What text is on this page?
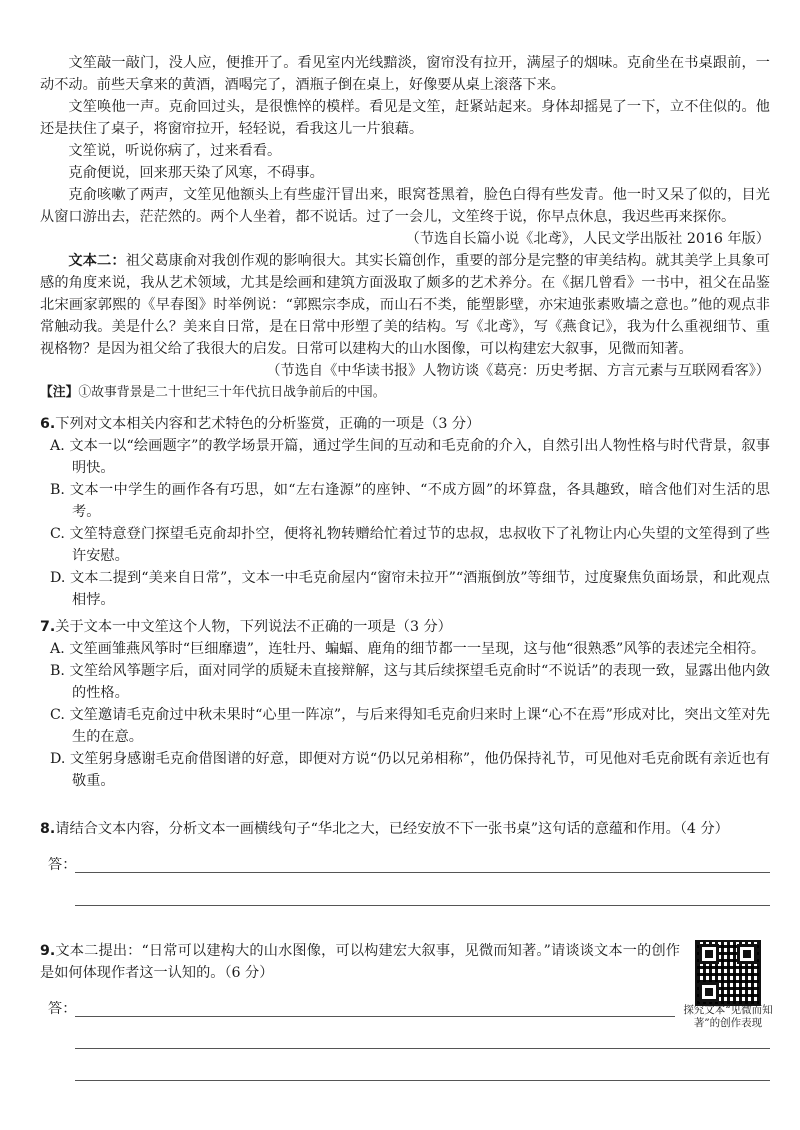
文笙敲一敲门，没人应，便推开了。看见室内光线黯淡，窗帘没有拉开，满屋子的烟味。克俞坐在书桌跟前，一动不动。前些天拿来的黄酒，酒喝完了，酒瓶子倒在桌上，好像要从桌上滚落下来。

文笙唤他一声。克俞回过头，是很憔悴的模样。看见是文笙，赶紧站起来。身体却摇晃了一下，立不住似的。他还是扶住了桌子，将窗帘拉开，轻轻说，看我这儿一片狼藉。

文笙说，听说你病了，过来看看。

克俞便说，回来那天染了风寒，不碍事。

克俞咳嗽了两声，文笙见他额头上有些虚汗冒出来，眼窝苍黑着，脸色白得有些发青。他一时又呆了似的，目光从窗口游出去，茫茫然的。两个人坐着，都不说话。过了一会儿，文笙终于说，你早点休息，我迟些再来探你。

（节选自长篇小说《北鸢》，人民文学出版社 2016 年版）

文本二：祖父葛康俞对我创作观的影响很大。其实长篇创作，重要的部分是完整的审美结构。就其美学上具象可感的角度来说，我从艺术领域，尤其是绘画和建筑方面汲取了颇多的艺术养分。在《据几曾看》一书中，祖父在品鉴北宋画家郭熙的《早春图》时举例说：“郭熙宗李成，而山石不类，能塑影壁，亦宋迪张素败墙之意也。”他的观点非常触动我。美是什么？美来自日常，是在日常中形塑了美的结构。写《北鸢》，写《燕食记》，我为什么重视细节、重视格物？是因为祖父给了我很大的启发。日常可以建构大的山水图像，可以构建宏大叙事，见微而知著。

（节选自《中华读书报》人物访谈《葛亮：历史考据、方言元素与互联网看客》）

【注】①故事背景是二十世纪三十年代抗日战争前后的中国。

6.下列对文本相关内容和艺术特色的分析鉴赏，正确的一项是（3 分）

A. 文本一以“绘画题字”的教学场景开篇，通过学生间的互动和毛克俞的介入，自然引出人物性格与时代背景，叙事明快。

B. 文本一中学生的画作各有巧思，如“左右逢源”的座钟、“不成方圆”的坏算盘，各具趣致，暗含他们对生活的思考。

C. 文笙特意登门探望毛克俞却扑空，便将礼物转赠给忙着过节的忠叔，忠叔收下了礼物让内心失望的文笙得到了些许安慰。

D. 文本二提到“美来自日常”，文本一中毛克俞屋内“窗帘未拉开”“酒瓶倒放”等细节，过度聚焦负面场景，和此观点相悖。

7.关于文本一中文笙这个人物，下列说法不正确的一项是（3 分）

A. 文笙画雏燕风筝时“巨细靡遗”，连牡丹、蝙蝠、鹿角的细节都一一呈现，这与他“很熟悉”风筝的表述完全相符。

B. 文笙给风筝题字后，面对同学的质疑未直接辩解，这与其后续探望毛克俞时“不说话”的表现一致，显露出他内敛的性格。

C. 文笙邀请毛克俞过中秋未果时“心里一阵凉”，与后来得知毛克俞归来时上课“心不在焉”形成对比，突出文笙对先生的在意。

D. 文笙躬身感谢毛克俞借图谱的好意，即便对方说“仍以兄弟相称”，他仍保持礼节，可见他对毛克俞既有亲近也有敬重。

8.请结合文本内容，分析文本一画横线句子“华北之大，已经安放不下一张书桌”这句话的意蕴和作用。（4 分）

答：

9.文本二提出：“日常可以建构大的山水图像，可以构建宏大叙事，见微而知著。”请谈谈文本一的创作是如何体现作者这一认知的。（6 分）

探究文本“见微而知著”的创作表现
答：
